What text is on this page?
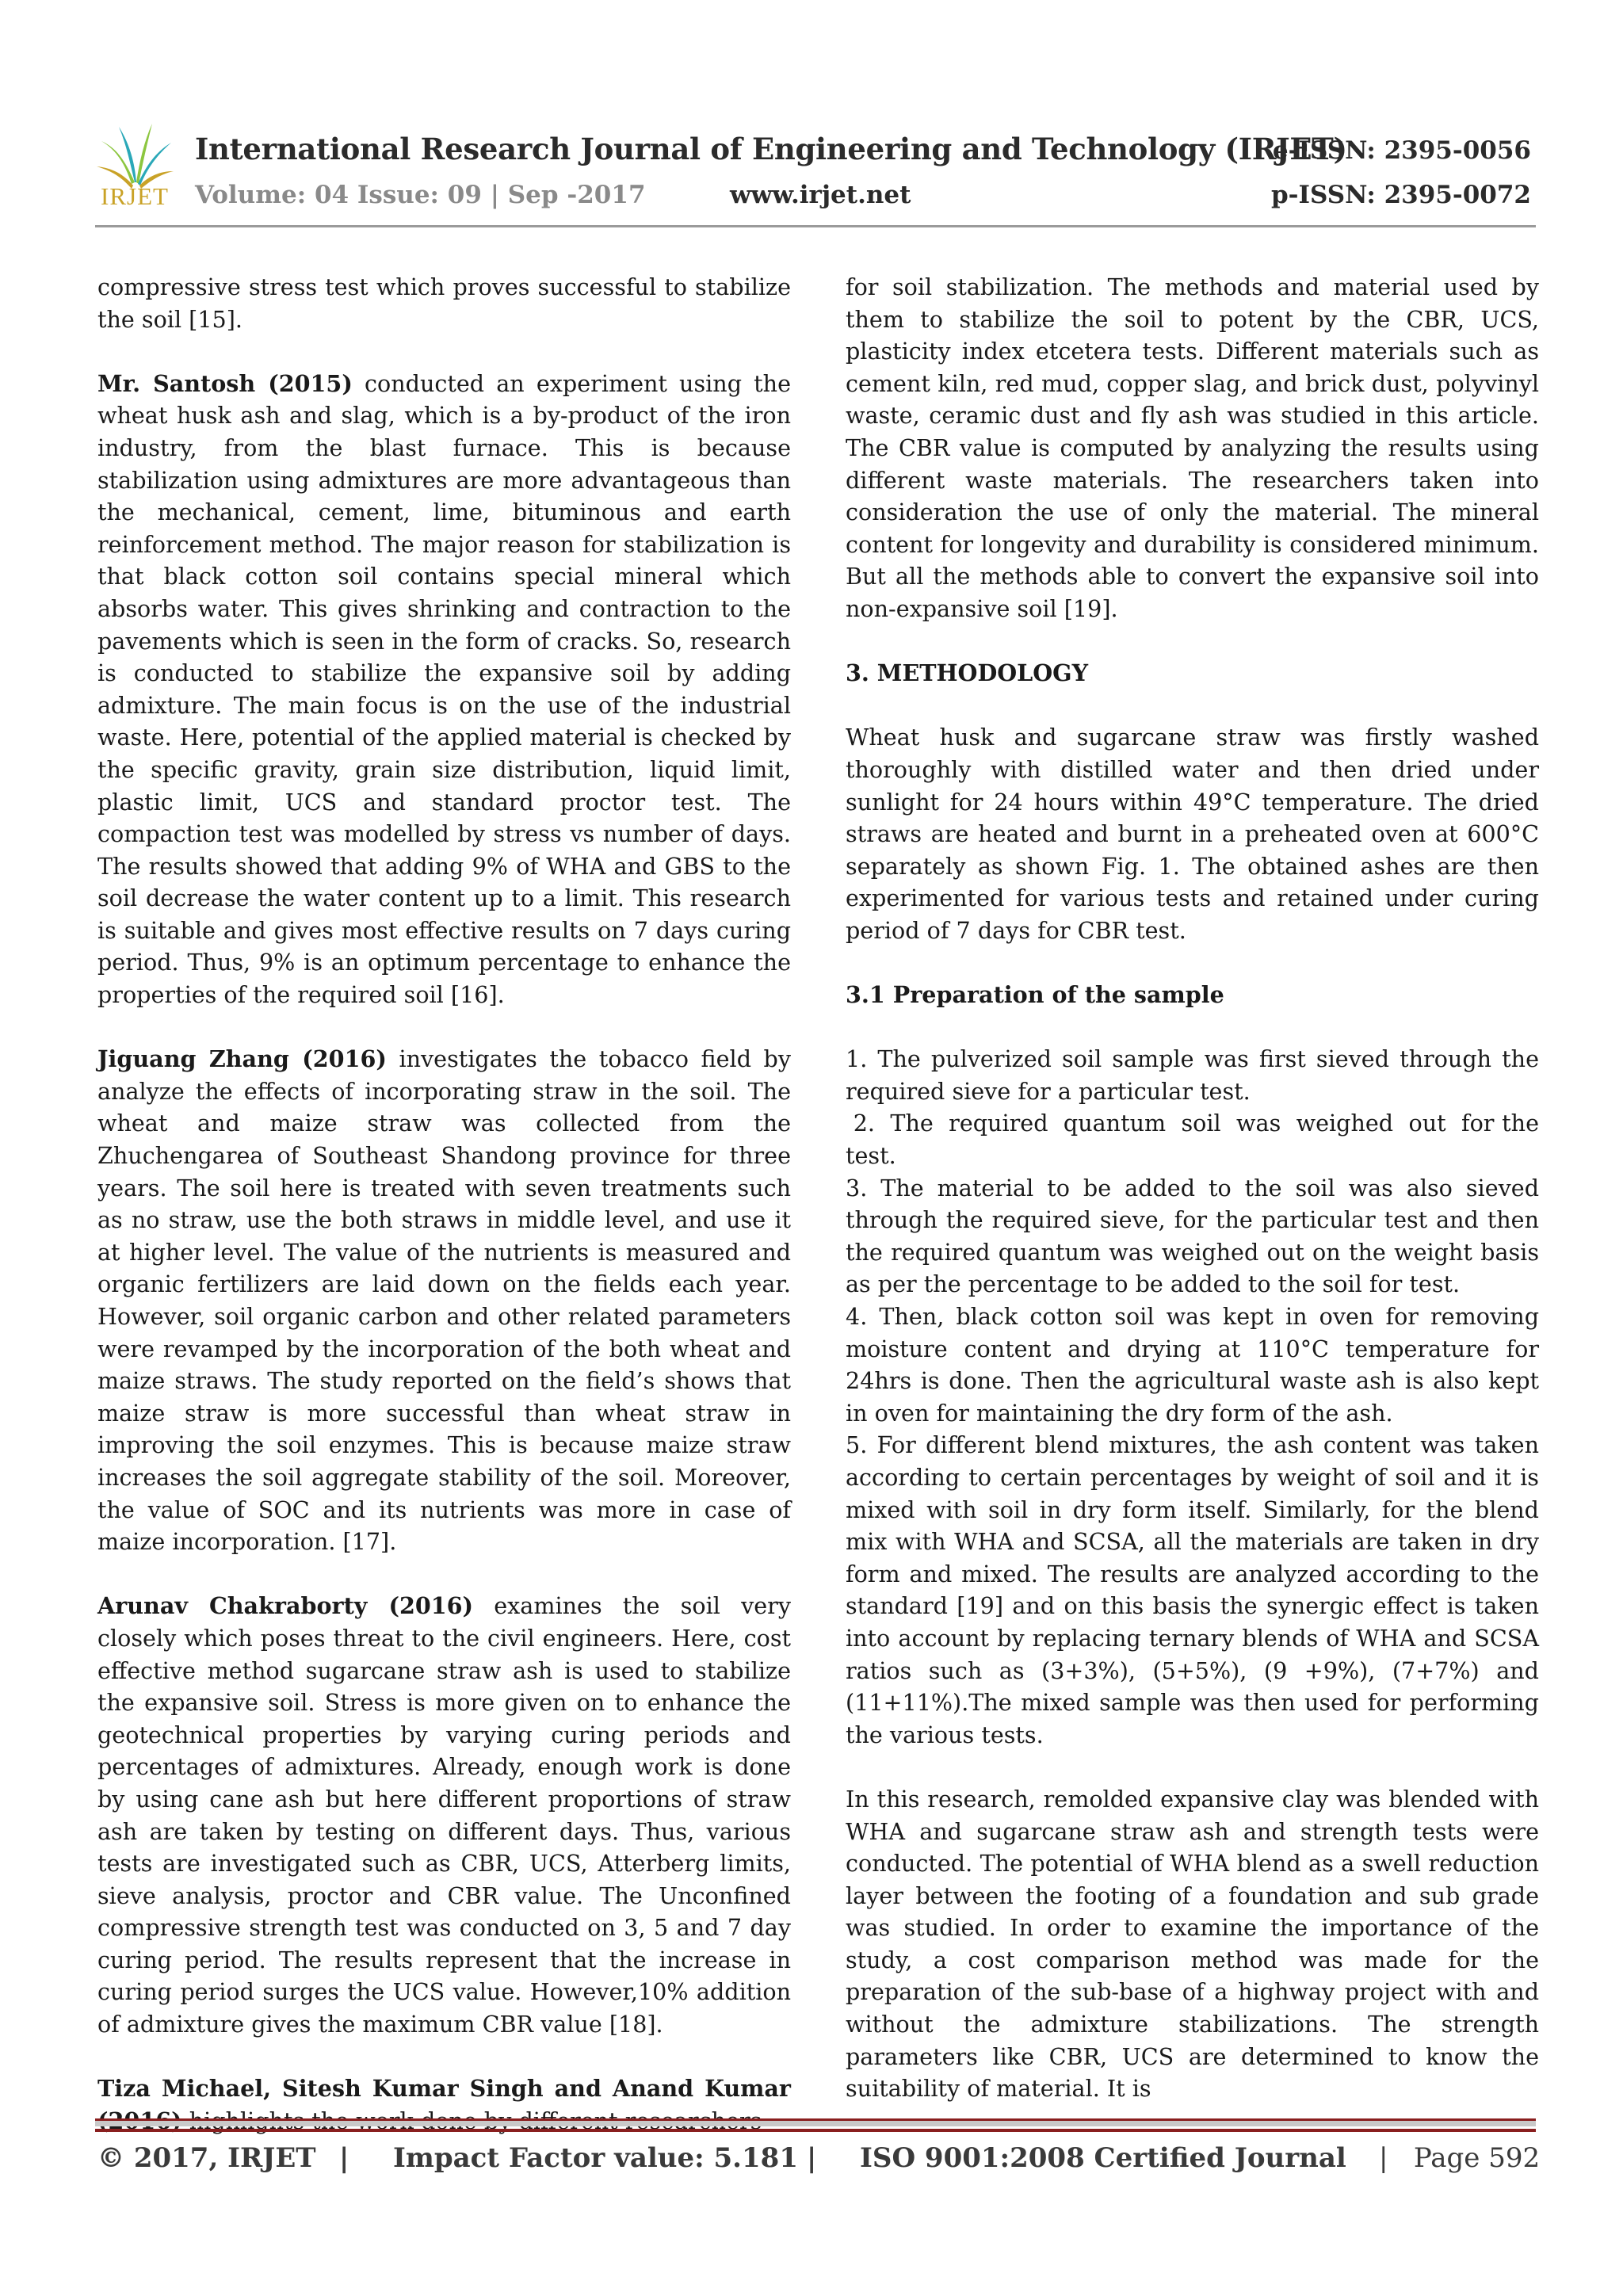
IRJET
International Research Journal of Engineering and Technology (IRJET)
e-ISSN: 2395-0056
Volume: 04 Issue: 09 | Sep -2017	www.irjet.net	p-ISSN: 2395-0072

compressive stress test which proves successful to stabilize the soil [15].

Mr. Santosh (2015) conducted an experiment using the wheat husk ash and slag, which is a by-product of the iron industry, from the blast furnace. This is because stabilization using admixtures are more advantageous than the mechanical, cement, lime, bituminous and earth reinforcement method. The major reason for stabilization is that black cotton soil contains special mineral which absorbs water. This gives shrinking and contraction to the pavements which is seen in the form of cracks. So, research is conducted to stabilize the expansive soil by adding admixture. The main focus is on the use of the industrial waste. Here, potential of the applied material is checked by the specific gravity, grain size distribution, liquid limit, plastic limit, UCS and standard proctor test. The compaction test was modelled by stress vs number of days. The results showed that adding 9% of WHA and GBS to the soil decrease the water content up to a limit. This research is suitable and gives most effective results on 7 days curing period. Thus, 9% is an optimum percentage to enhance the properties of the required soil [16].

Jiguang Zhang (2016) investigates the tobacco field by analyze the effects of incorporating straw in the soil. The wheat and maize straw was collected from the Zhuchengarea of Southeast Shandong province for three years. The soil here is treated with seven treatments such as no straw, use the both straws in middle level, and use it at higher level. The value of the nutrients is measured and organic fertilizers are laid down on the fields each year. However, soil organic carbon and other related parameters were revamped by the incorporation of the both wheat and maize straws. The study reported on the field’s shows that maize straw is more successful than wheat straw in improving the soil enzymes. This is because maize straw increases the soil aggregate stability of the soil. Moreover, the value of SOC and its nutrients was more in case of maize incorporation. [17].

Arunav Chakraborty (2016) examines the soil very closely which poses threat to the civil engineers. Here, cost effective method sugarcane straw ash is used to stabilize the expansive soil. Stress is more given on to enhance the geotechnical properties by varying curing periods and percentages of admixtures. Already, enough work is done by using cane ash but here different proportions of straw ash are taken by testing on different days. Thus, various tests are investigated such as CBR, UCS, Atterberg limits, sieve analysis, proctor and CBR value. The Unconfined compressive strength test was conducted on 3, 5 and 7 day curing period. The results represent that the increase in curing period surges the UCS value. However,10% addition of admixture gives the maximum CBR value [18].

Tiza Michael, Sitesh Kumar Singh and Anand Kumar

for soil stabilization. The methods and material used by them to stabilize the soil to potent by the CBR, UCS, plasticity index etcetera tests. Different materials such as cement kiln, red mud, copper slag, and brick dust, polyvinyl waste, ceramic dust and fly ash was studied in this article. The CBR value is computed by analyzing the results using different waste materials. The researchers taken into consideration the use of only the material. The mineral content for longevity and durability is considered minimum. But all the methods able to convert the expansive soil into non-expansive soil [19].

3. METHODOLOGY

Wheat husk and sugarcane straw was firstly washed thoroughly with distilled water and then dried under sunlight for 24 hours within 49°C temperature. The dried straws are heated and burnt in a preheated oven at 600°C separately as shown Fig. 1. The obtained ashes are then experimented for various tests and retained under curing period of 7 days for CBR test.

3.1 Preparation of the sample

1. The pulverized soil sample was first sieved through the required sieve for a particular test.

2.  The  required  quantum  soil  was  weighed  out  for the test.

3. The material to be added to the soil was also sieved through the required sieve, for the particular test and then the required quantum was weighed out on the weight basis as per the percentage to be added to the soil for test.

4. Then, black cotton soil was kept in oven for removing moisture content and drying at 110°C temperature for 24hrs is done. Then the agricultural waste ash is also kept in oven for maintaining the dry form of the ash.

5. For different blend mixtures, the ash content was taken according to certain percentages by weight of soil and it is mixed with soil in dry form itself. Similarly, for the blend mix with WHA and SCSA, all the materials are taken in dry form and mixed. The results are analyzed according to the standard [19] and on this basis the synergic effect is taken into account by replacing ternary blends of WHA and SCSA ratios such as (3+3%), (5+5%), (9 +9%), (7+7%) and (11+11%).The mixed sample was then used for performing the various tests.

In this research, remolded expansive clay was blended with WHA and sugarcane straw ash and strength tests were conducted. The potential of WHA blend as a swell reduction layer between the footing of a foundation and sub grade was studied. In order to examine the importance of the study, a cost comparison method was made for the preparation of the sub-base of a highway project with and without the admixture stabilizations. The strength parameters like CBR, UCS are determined to know the suitability of material. It is

© 2017, IRJET | Impact Factor value: 5.181 | ISO 9001:2008 Certified Journal |   Page 592
